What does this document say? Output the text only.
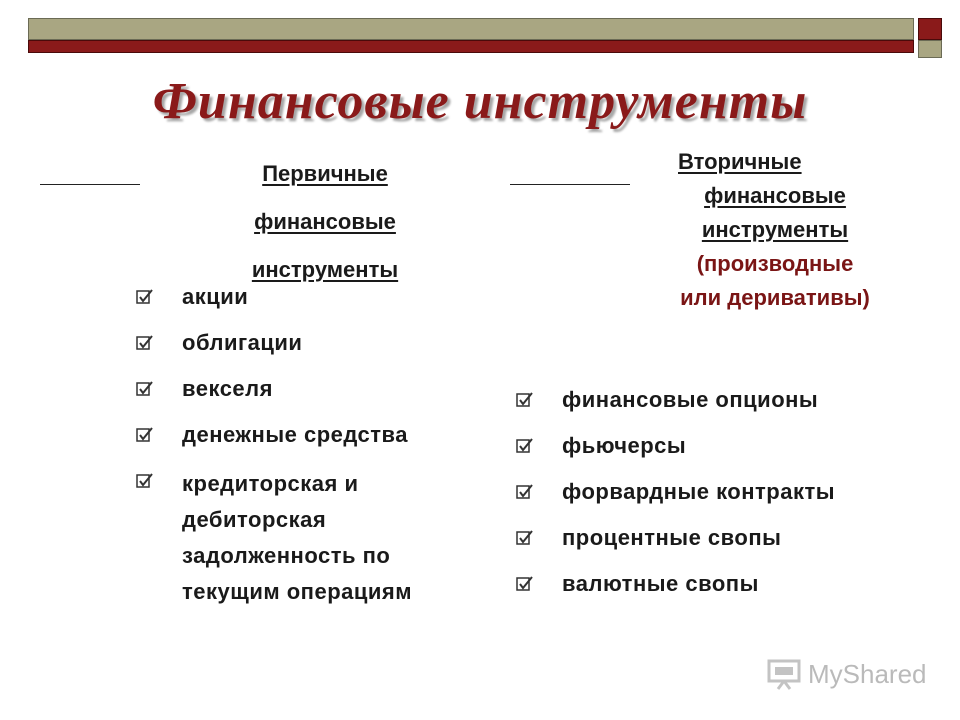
Финансовые инструменты
Первичные финансовые инструменты
Вторичные
финансовые
инструменты
(производные
или деривативы)
акции
облигации
векселя
денежные средства
кредиторская и дебиторская задолженность по текущим операциям
финансовые опционы
фьючерсы
форвардные контракты
процентные свопы
валютные свопы
MyShared
